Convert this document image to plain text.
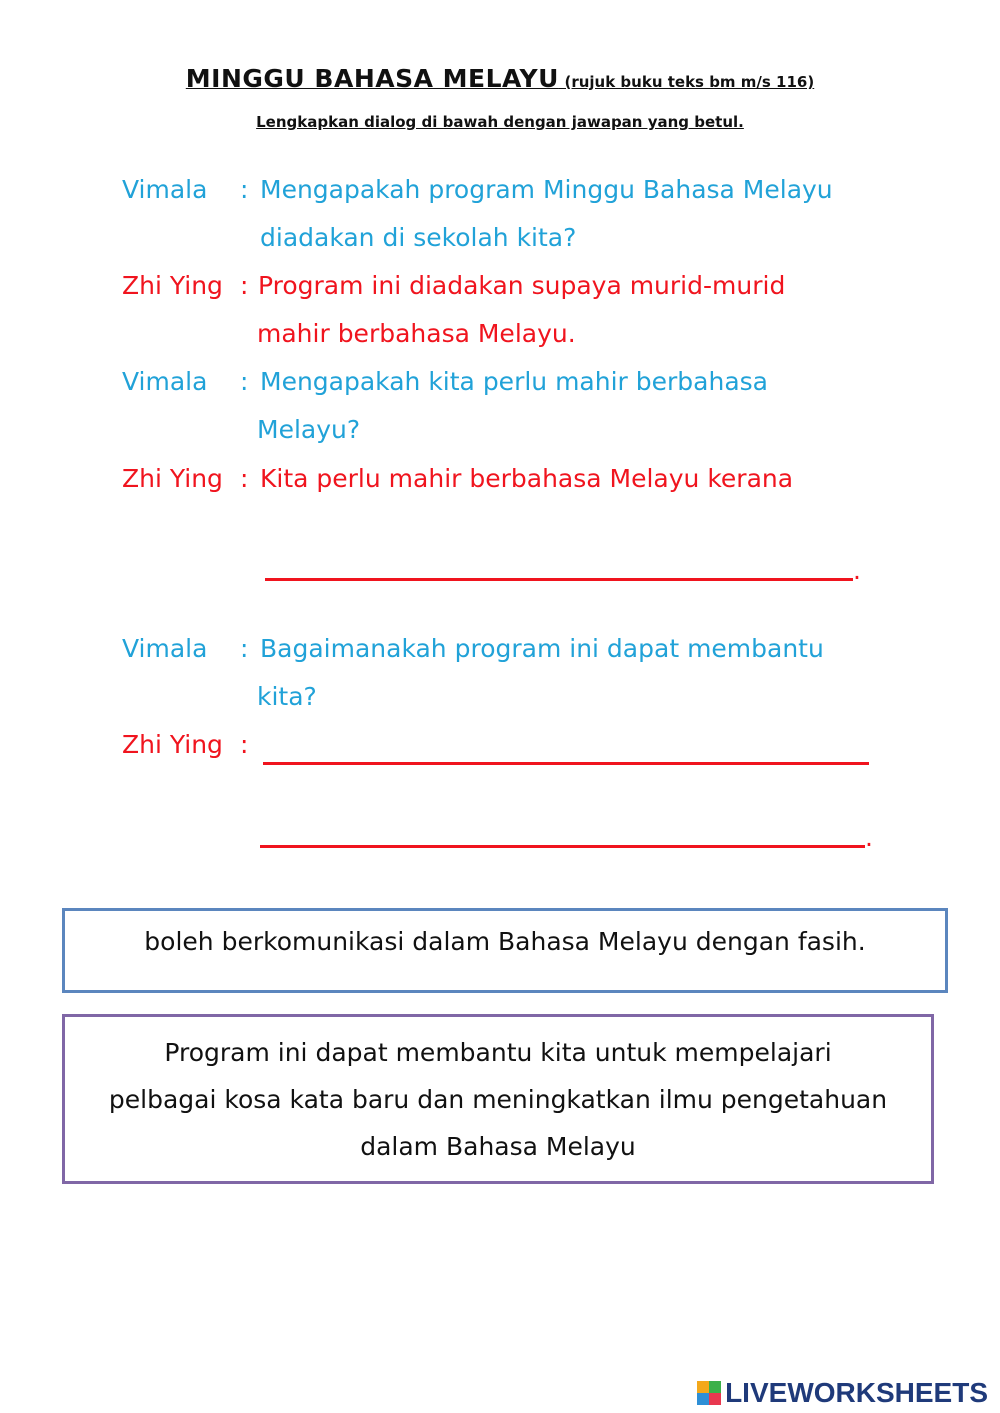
MINGGU BAHASA MELAYU (rujuk buku teks bm m/s 116)
Lengkapkan dialog di bawah dengan jawapan yang betul.
Vimala : Mengapakah program Minggu Bahasa Melayu
diadakan di sekolah kita?
Zhi Ying : Program ini diadakan supaya murid-murid
mahir berbahasa Melayu.
Vimala : Mengapakah kita perlu mahir berbahasa
Melayu?
Zhi Ying : Kita perlu mahir berbahasa Melayu kerana
.
Vimala : Bagaimanakah program ini dapat membantu
kita?
Zhi Ying :
.
boleh berkomunikasi dalam Bahasa Melayu dengan fasih.
Program ini dapat membantu kita untuk mempelajari
pelbagai kosa kata baru dan meningkatkan ilmu pengetahuan
dalam Bahasa Melayu
LIVEWORKSHEETS
